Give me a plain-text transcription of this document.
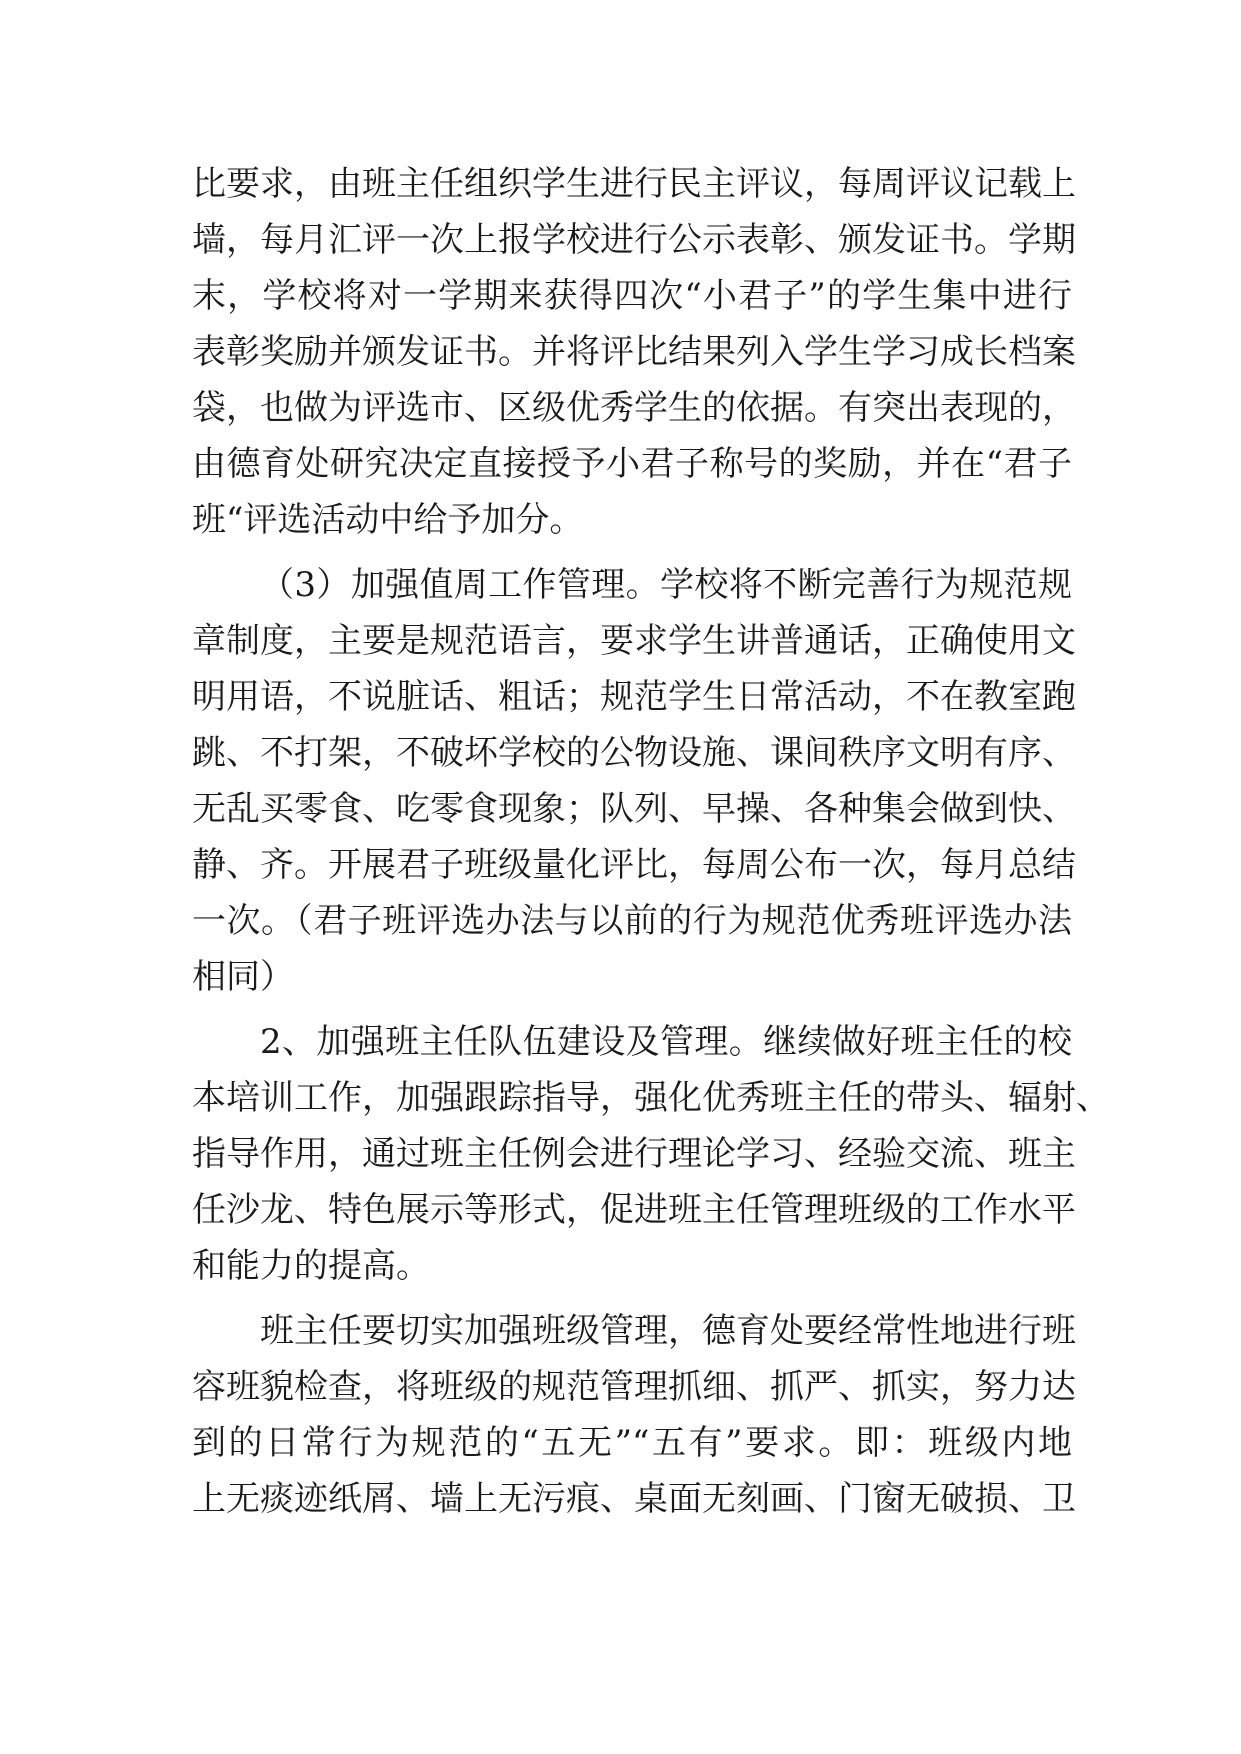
比要求，由班主任组织学生进行民主评议，每周评议记载上
墙，每月汇评一次上报学校进行公示表彰、颁发证书。学期
末，学校将对一学期来获得四次“小君子”的学生集中进行
表彰奖励并颁发证书。并将评比结果列入学生学习成长档案
袋，也做为评选市、区级优秀学生的依据。有突出表现的，
由德育处研究决定直接授予小君子称号的奖励，并在“君子
班“评选活动中给予加分。
（3）加强值周工作管理。学校将不断完善行为规范规
章制度，主要是规范语言，要求学生讲普通话，正确使用文
明用语，不说脏话、粗话；规范学生日常活动，不在教室跑
跳、不打架，不破坏学校的公物设施、课间秩序文明有序、
无乱买零食、吃零食现象；队列、早操、各种集会做到快、
静、齐。开展君子班级量化评比，每周公布一次，每月总结
一次。（君子班评选办法与以前的行为规范优秀班评选办法
相同）
2、加强班主任队伍建设及管理。继续做好班主任的校
本培训工作，加强跟踪指导，强化优秀班主任的带头、辐射、
指导作用，通过班主任例会进行理论学习、经验交流、班主
任沙龙、特色展示等形式，促进班主任管理班级的工作水平
和能力的提高。
班主任要切实加强班级管理，德育处要经常性地进行班
容班貌检查，将班级的规范管理抓细、抓严、抓实，努力达
到的日常行为规范的“五无”“五有”要求。即：班级内地
上无痰迹纸屑、墙上无污痕、桌面无刻画、门窗无破损、卫
